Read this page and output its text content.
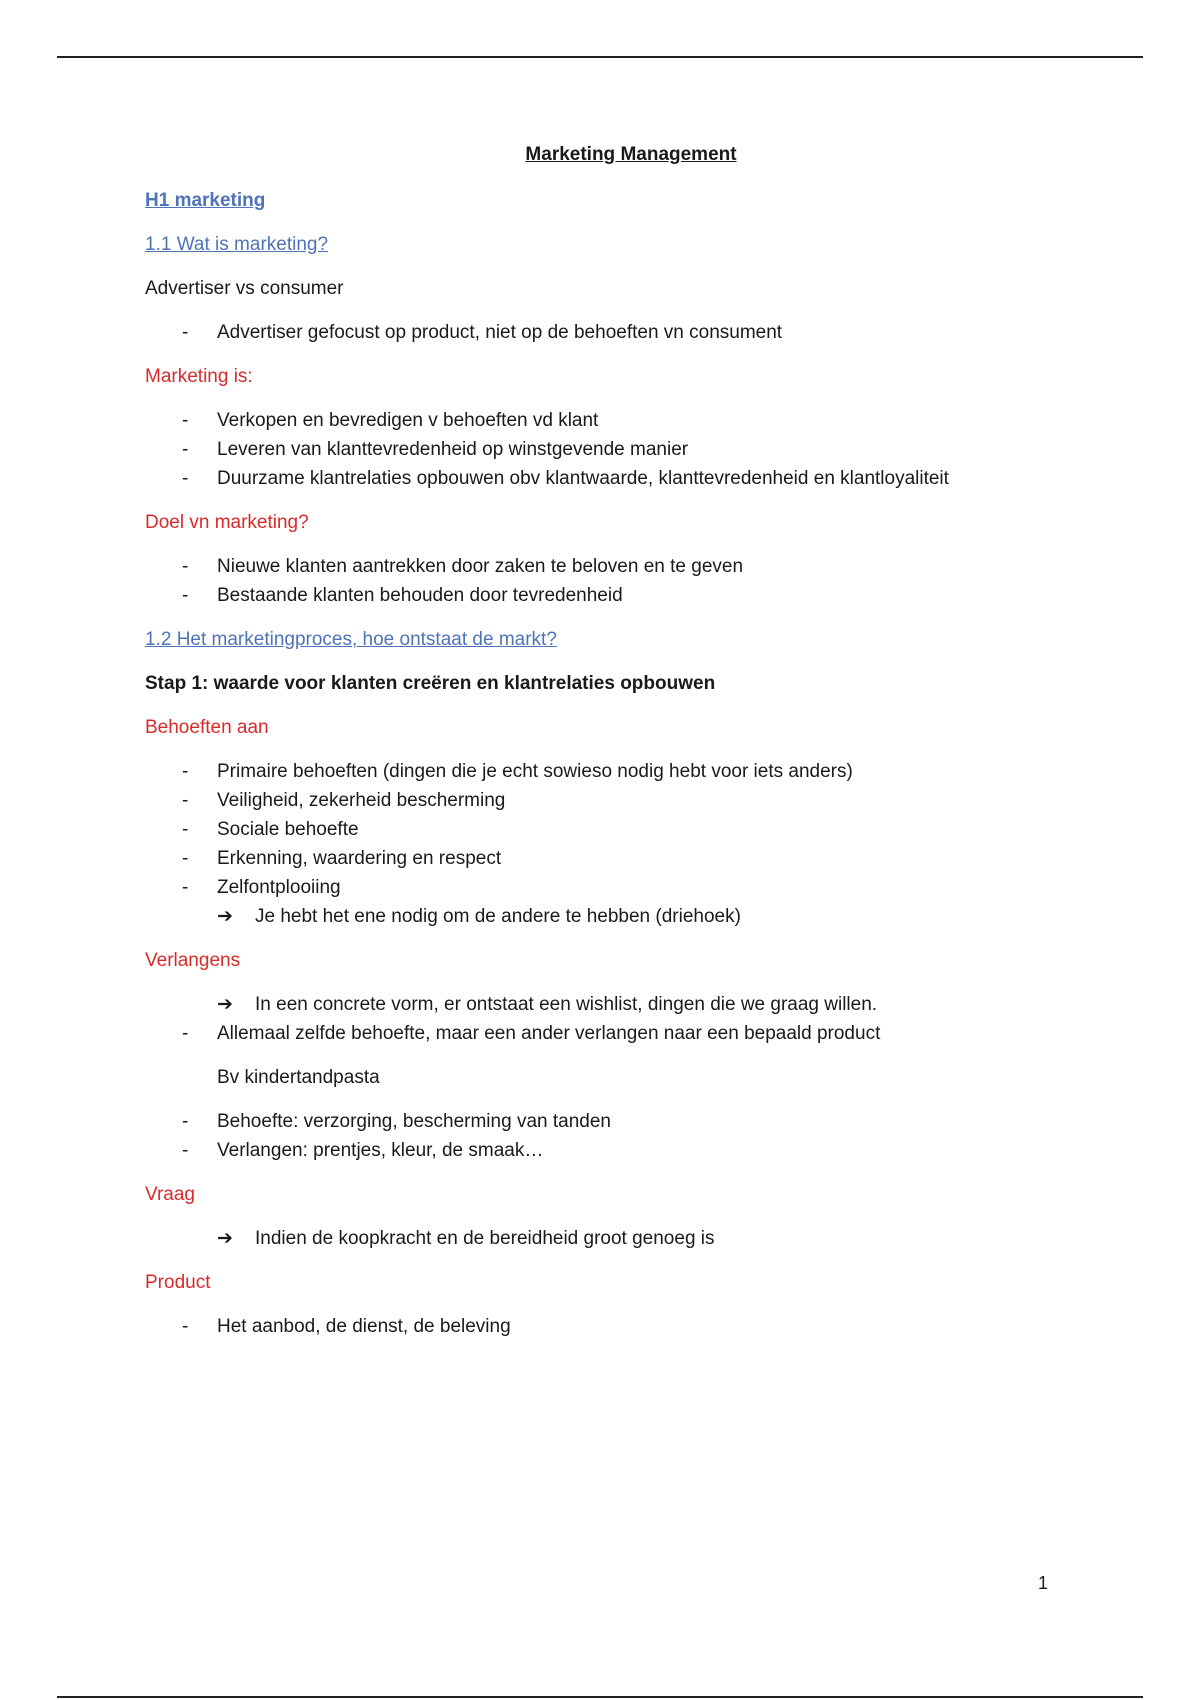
Marketing Management
H1 marketing
1.1 Wat is marketing?
Advertiser vs consumer
- Advertiser gefocust op product, niet op de behoeften vn consument
Marketing is:
- Verkopen en bevredigen v behoeften vd klant
- Leveren van klanttevredenheid op winstgevende manier
- Duurzame klantrelaties opbouwen obv klantwaarde, klanttevredenheid en klantloyaliteit
Doel vn marketing?
- Nieuwe klanten aantrekken door zaken te beloven en te geven
- Bestaande klanten behouden door tevredenheid
1.2 Het marketingproces, hoe ontstaat de markt?
Stap 1: waarde voor klanten creëren en klantrelaties opbouwen
Behoeften aan
- Primaire behoeften (dingen die je echt sowieso nodig hebt voor iets anders)
- Veiligheid, zekerheid bescherming
- Sociale behoefte
- Erkenning, waardering en respect
- Zelfontplooiing
➔ Je hebt het ene nodig om de andere te hebben (driehoek)
Verlangens
➔ In een concrete vorm, er ontstaat een wishlist, dingen die we graag willen.
- Allemaal zelfde behoefte, maar een ander verlangen naar een bepaald product
Bv kindertandpasta
- Behoefte: verzorging, bescherming van tanden
- Verlangen: prentjes, kleur, de smaak…
Vraag
➔ Indien de koopkracht en de bereidheid groot genoeg is
Product
- Het aanbod, de dienst, de beleving
1
